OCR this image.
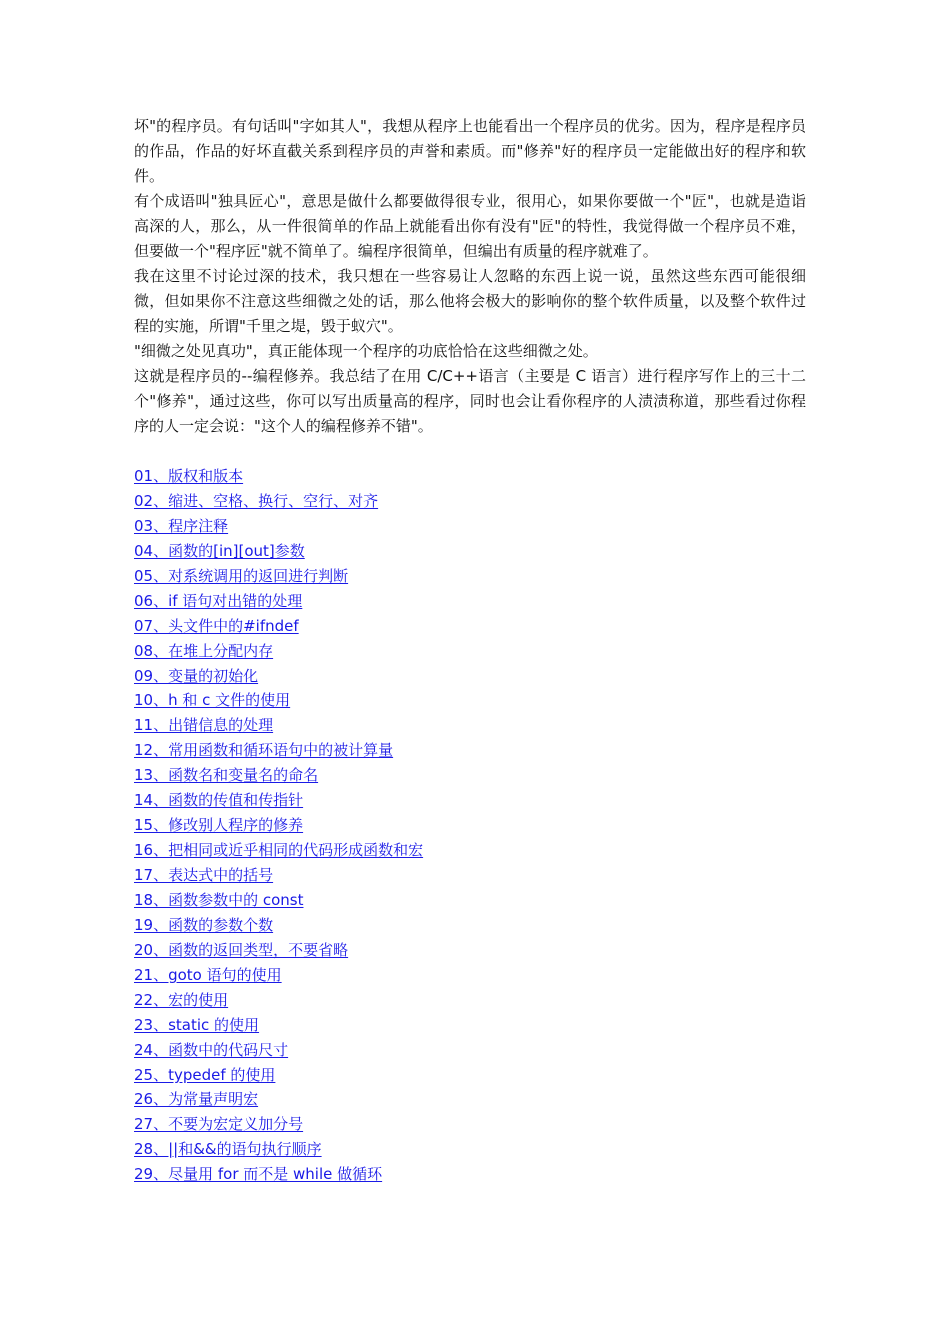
坏"的程序员。有句话叫"字如其人"，我想从程序上也能看出一个程序员的优劣。因为，程序是程序员的作品，作品的好坏直截关系到程序员的声誉和素质。而"修养"好的程序员一定能做出好的程序和软件。

有个成语叫"独具匠心"，意思是做什么都要做得很专业，很用心，如果你要做一个"匠"，也就是造诣高深的人，那么，从一件很简单的作品上就能看出你有没有"匠"的特性，我觉得做一个程序员不难，但要做一个"程序匠"就不简单了。编程序很简单，但编出有质量的程序就难了。

我在这里不讨论过深的技术，我只想在一些容易让人忽略的东西上说一说，虽然这些东西可能很细微，但如果你不注意这些细微之处的话，那么他将会极大的影响你的整个软件质量，以及整个软件过程的实施，所谓"千里之堤，毁于蚁穴"。

"细微之处见真功"，真正能体现一个程序的功底恰恰在这些细微之处。

这就是程序员的--编程修养。我总结了在用 C/C++语言（主要是 C 语言）进行程序写作上的三十二个"修养"，通过这些，你可以写出质量高的程序，同时也会让看你程序的人渍渍称道，那些看过你程序的人一定会说："这个人的编程修养不错"。

01、版权和版本
02、缩进、空格、换行、空行、对齐
03、程序注释
04、函数的[in][out]参数
05、对系统调用的返回进行判断
06、if 语句对出错的处理
07、头文件中的#ifndef
08、在堆上分配内存
09、变量的初始化
10、h 和 c 文件的使用
11、出错信息的处理
12、常用函数和循环语句中的被计算量
13、函数名和变量名的命名
14、函数的传值和传指针
15、修改别人程序的修养
16、把相同或近乎相同的代码形成函数和宏
17、表达式中的括号
18、函数参数中的 const
19、函数的参数个数
20、函数的返回类型，不要省略
21、goto 语句的使用
22、宏的使用
23、static 的使用
24、函数中的代码尺寸
25、typedef 的使用
26、为常量声明宏
27、不要为宏定义加分号
28、||和&&的语句执行顺序
29、尽量用 for 而不是 while 做循环
